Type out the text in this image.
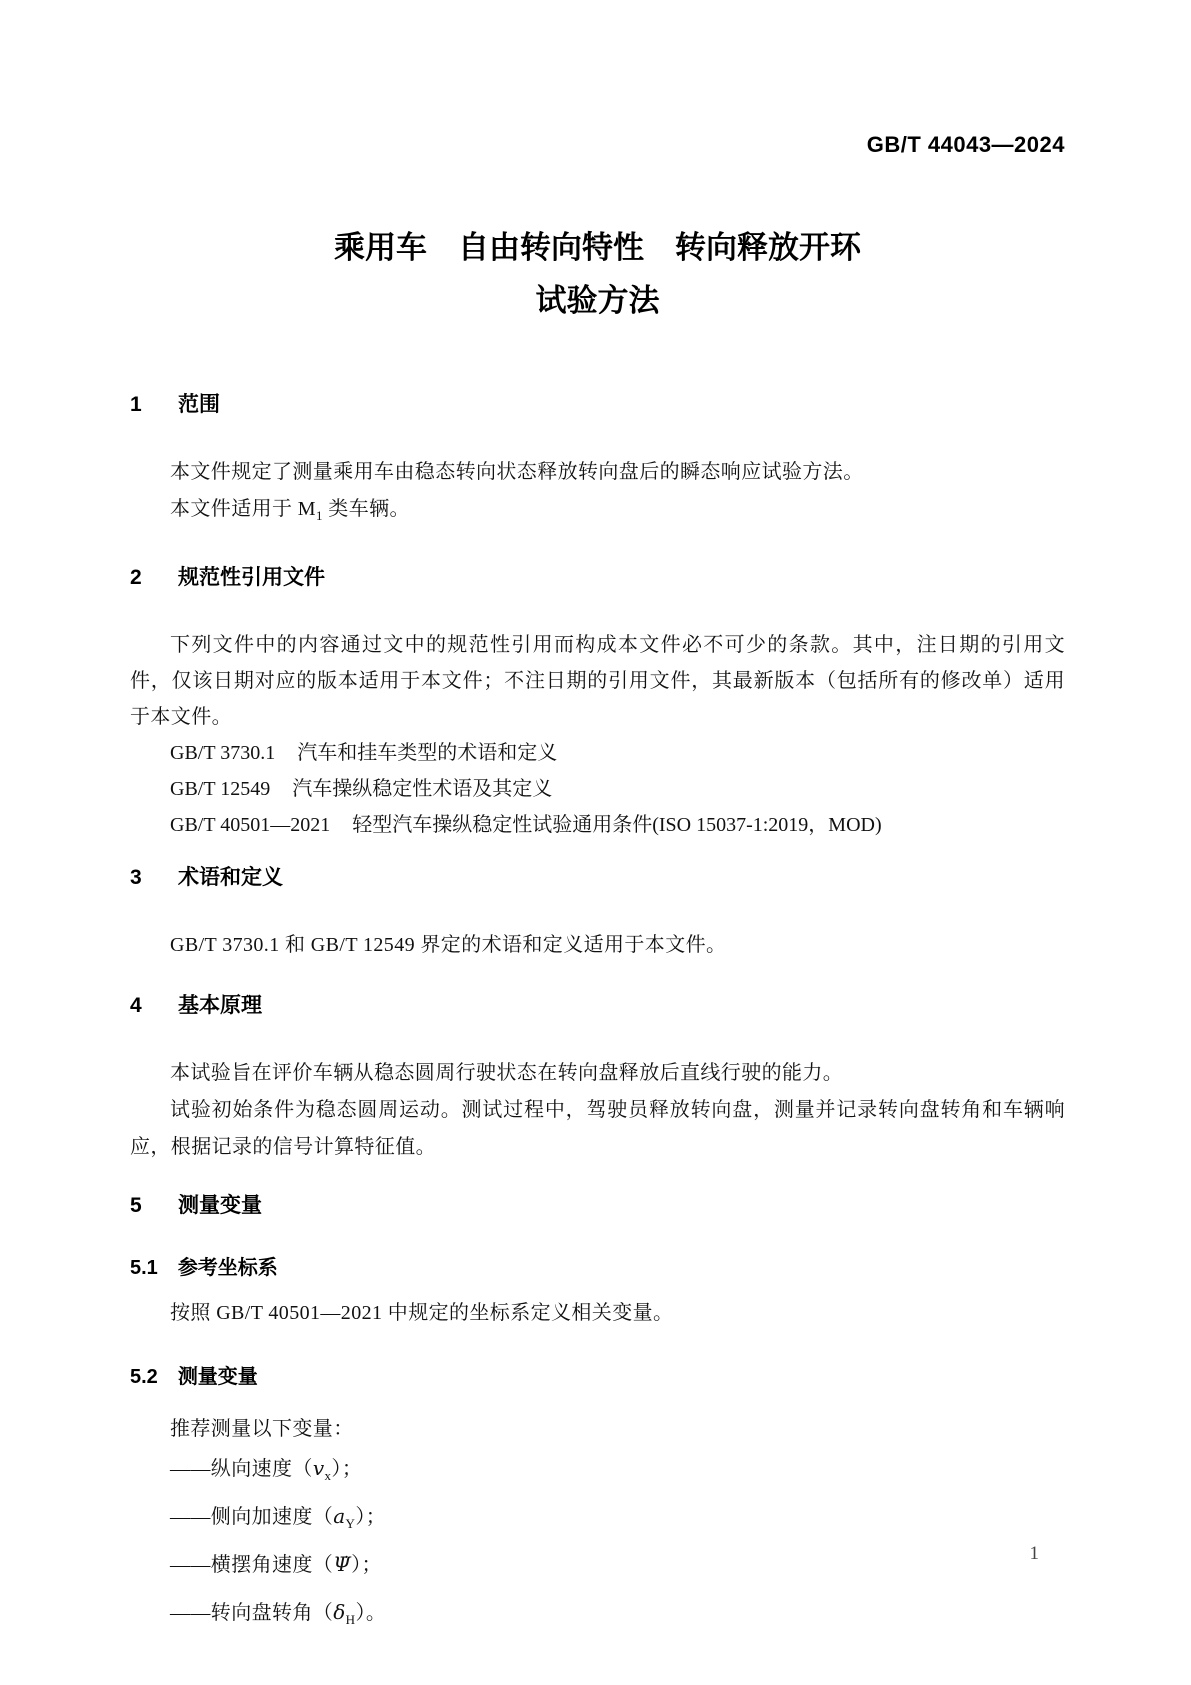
GB/T 44043—2024
乘用车　自由转向特性　转向释放开环
试验方法
1 范围

本文件规定了测量乘用车由稳态转向状态释放转向盘后的瞬态响应试验方法。

本文件适用于 $M_1$ 类车辆。

2 规范性引用文件

下列文件中的内容通过文中的规范性引用而构成本文件必不可少的条款。其中，注日期的引用文件，仅该日期对应的版本适用于本文件；不注日期的引用文件，其最新版本（包括所有的修改单）适用于本文件。

GB/T 3730.1 汽车和挂车类型的术语和定义
GB/T 12549 汽车操纵稳定性术语及其定义
GB/T 40501—2021 轻型汽车操纵稳定性试验通用条件(ISO 15037-1:2019，MOD)
3 术语和定义

GB/T 3730.1 和 GB/T 12549 界定的术语和定义适用于本文件。

4 基本原理

本试验旨在评价车辆从稳态圆周行驶状态在转向盘释放后直线行驶的能力。

试验初始条件为稳态圆周运动。测试过程中，驾驶员释放转向盘，测量并记录转向盘转角和车辆响应，根据记录的信号计算特征值。

5 测量变量
5.1 参考坐标系

按照 GB/T 40501—2021 中规定的坐标系定义相关变量。

5.2 测量变量

推荐测量以下变量：

——纵向速度$(v_x)$；
——侧向加速度$(a_Y)$；
——横摆角速度（Ψ̇）；
——转向盘转角$(\delta_H)$。
1
